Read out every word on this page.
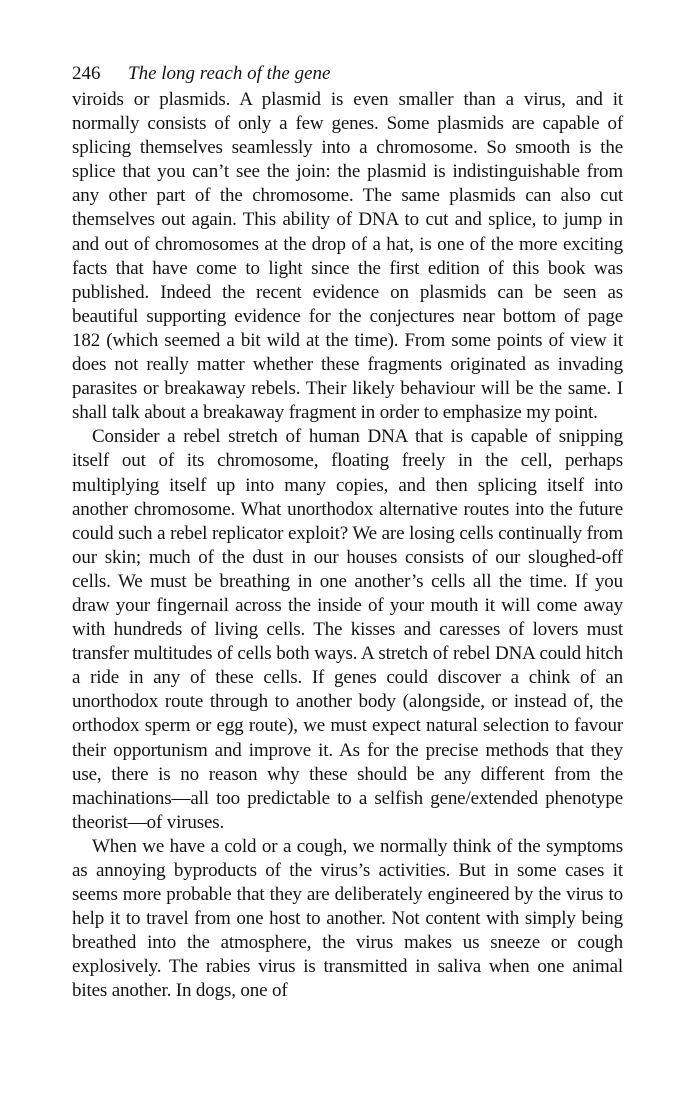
246 The long reach of the gene

viroids or plasmids. A plasmid is even smaller than a virus, and it normally consists of only a few genes. Some plasmids are capable of splicing themselves seamlessly into a chromosome. So smooth is the splice that you can’t see the join: the plasmid is indistinguishable from any other part of the chromosome. The same plasmids can also cut themselves out again. This ability of DNA to cut and splice, to jump in and out of chromosomes at the drop of a hat, is one of the more exciting facts that have come to light since the first edition of this book was published. Indeed the recent evidence on plasmids can be seen as beautiful supporting evidence for the conjectures near bottom of page 182 (which seemed a bit wild at the time). From some points of view it does not really matter whether these fragments originated as invading parasites or breakaway rebels. Their likely behaviour will be the same. I shall talk about a breakaway fragment in order to emphasize my point.

Consider a rebel stretch of human DNA that is capable of snipping itself out of its chromosome, floating freely in the cell, perhaps multiplying itself up into many copies, and then splicing itself into another chromosome. What unorthodox alternative routes into the future could such a rebel replicator exploit? We are losing cells continually from our skin; much of the dust in our houses consists of our sloughed-off cells. We must be breathing in one another’s cells all the time. If you draw your fingernail across the inside of your mouth it will come away with hundreds of living cells. The kisses and caresses of lovers must transfer multitudes of cells both ways. A stretch of rebel DNA could hitch a ride in any of these cells. If genes could discover a chink of an unorthodox route through to another body (alongside, or instead of, the orthodox sperm or egg route), we must expect natural selection to favour their opportunism and improve it. As for the precise methods that they use, there is no reason why these should be any different from the machinations—all too predictable to a selfish gene/extended phenotype theorist—of viruses.

When we have a cold or a cough, we normally think of the symptoms as annoying byproducts of the virus’s activities. But in some cases it seems more probable that they are deliberately engineered by the virus to help it to travel from one host to another. Not content with simply being breathed into the atmosphere, the virus makes us sneeze or cough explosively. The rabies virus is transmitted in saliva when one animal bites another. In dogs, one of
